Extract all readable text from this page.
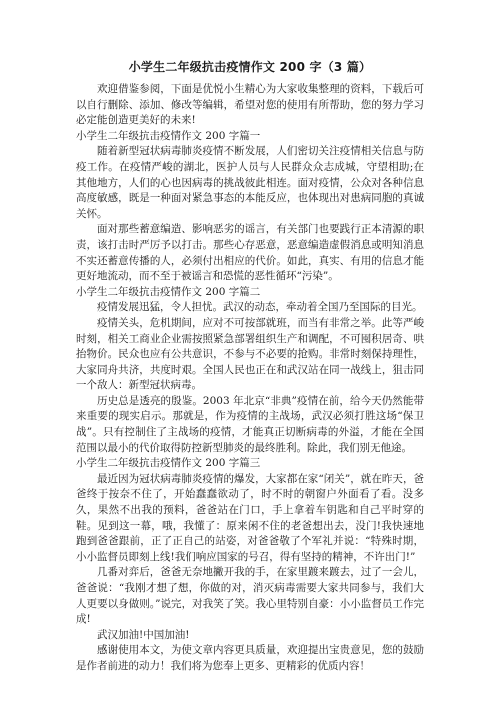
小学生二年级抗击疫情作文 200 字（3 篇）

欢迎借鉴参阅，下面是优悦小生精心为大家收集整理的资料，下载后可以自行删除、添加、修改等编辑，希望对您的使用有所帮助，您的努力学习必定能创造更美好的未来!

小学生二年级抗击疫情作文 200 字篇一

随着新型冠状病毒肺炎疫情不断发展，人们密切关注疫情相关信息与防疫工作。在疫情严峻的湖北，医护人员与人民群众众志成城，守望相助;在其他地方，人们的心也因病毒的挑战彼此相连。面对疫情，公众对各种信息高度敏感，既是一种面对紧急事态的本能反应，也体现出对患病同胞的真诚关怀。

面对那些蓄意编造、影响恶劣的谣言，有关部门也要践行正本清源的职责，该打击时严厉予以打击。那些心存恶意，恶意编造虚假消息或明知消息不实还蓄意传播的人，必须付出相应的代价。如此，真实、有用的信息才能更好地流动，而不至于被谣言和恐慌的恶性循环“污染”。

小学生二年级抗击疫情作文 200 字篇二

疫情发展迅猛，令人担忧。武汉的动态，牵动着全国乃至国际的目光。

疫情关头，危机期间，应对不可按部就班，而当有非常之举。此等严峻时刻，相关工商业企业需按照紧急部署组织生产和调配，不可囤积居奇、哄抬物价。民众也应有公共意识，不参与不必要的抢购。非常时刻保持理性，大家同舟共济，共度时艰。全国人民也正在和武汉站在同一战线上，狙击同一个敌人：新型冠状病毒。

历史总是透亮的殷鉴。2003 年北京“非典”疫情在前，给今天仍然能带来重要的现实启示。那就是，作为疫情的主战场，武汉必须打胜这场“保卫战”。只有控制住了主战场的疫情，才能真正切断病毒的外溢，才能在全国范围以最小的代价取得防控新型肺炎的最终胜利。除此，我们别无他途。

小学生二年级抗击疫情作文 200 字篇三

最近因为冠状病毒肺炎疫情的爆发，大家都在家“闭关”，就在昨天，爸爸终于按奈不住了，开始蠢蠢欲动了，时不时的朝窗户外面看了看。没多久，果然不出我的预料，爸爸站在门口，手上拿着车钥匙和自己平时穿的鞋。见到这一幕，哦，我懂了：原来闲不住的老爸想出去，没门!我快速地跑到爸爸跟前，正了正自己的站姿，对爸爸敬了个军礼并说：“特殊时期，小小监督员即刻上线!我们响应国家的号召，得有坚持的精神，不许出门!”

几番对弈后，爸爸无奈地撇开我的手，在家里踱来踱去，过了一会儿，爸爸说：“我刚才想了想，你做的对，消灭病毒需要大家共同参与，我们大人更要以身做则。”说完，对我笑了笑。我心里特别自豪：小小监督员工作完成!

武汉加油!中国加油!

感谢使用本文，为使文章内容更具质量，欢迎提出宝贵意见，您的鼓励是作者前进的动力！我们将为您奉上更多、更精彩的优质内容！
